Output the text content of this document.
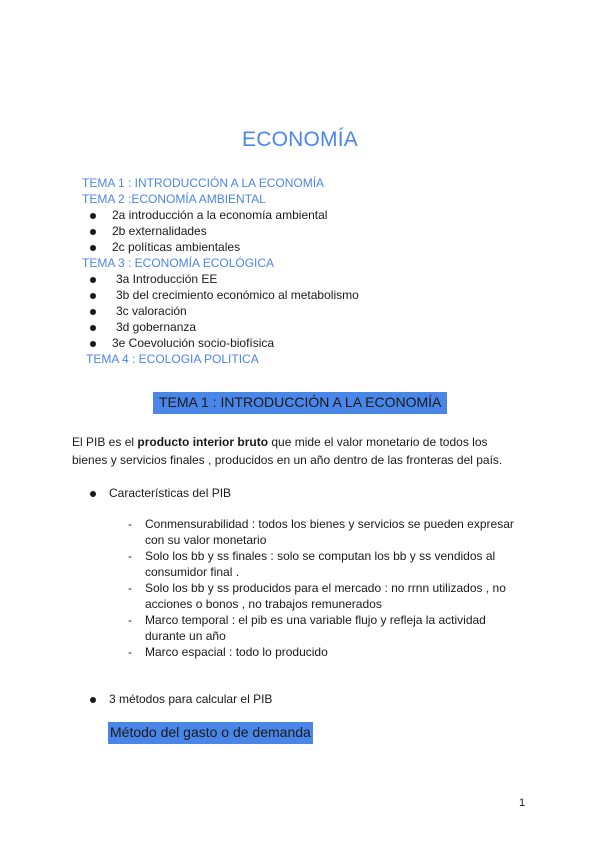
ECONOMÍA
TEMA 1 : INTRODUCCIÓN A LA ECONOMÍA
TEMA 2 :ECONOMÍA AMBIENTAL
2a introducción a la economía ambiental
2b externalidades
2c políticas ambientales
TEMA 3 : ECONOMÍA ECOLÓGICA
3a Introducción EE
3b del crecimiento económico al metabolismo
3c valoración
3d gobernanza
3e Coevolución socio-biofísica
TEMA 4 : ECOLOGIA POLITICA
TEMA 1 : INTRODUCCIÓN A LA ECONOMÍA
El PIB es el producto interior bruto que mide el valor monetario de todos los
bienes y servicios finales , producidos en un año dentro de las fronteras del país.
Características del PIB
- Conmensurabilidad : todos los bienes y servicios se pueden expresar con su valor monetario
- Solo los bb y ss finales : solo se computan los bb y ss vendidos al consumidor final .
- Solo los bb y ss producidos para el mercado : no rrnn utilizados , no acciones o bonos , no trabajos remunerados
- Marco temporal : el pib es una variable flujo y refleja la actividad durante un año
- Marco espacial : todo lo producido
3 métodos para calcular el PIB
Método del gasto o de demanda
1
